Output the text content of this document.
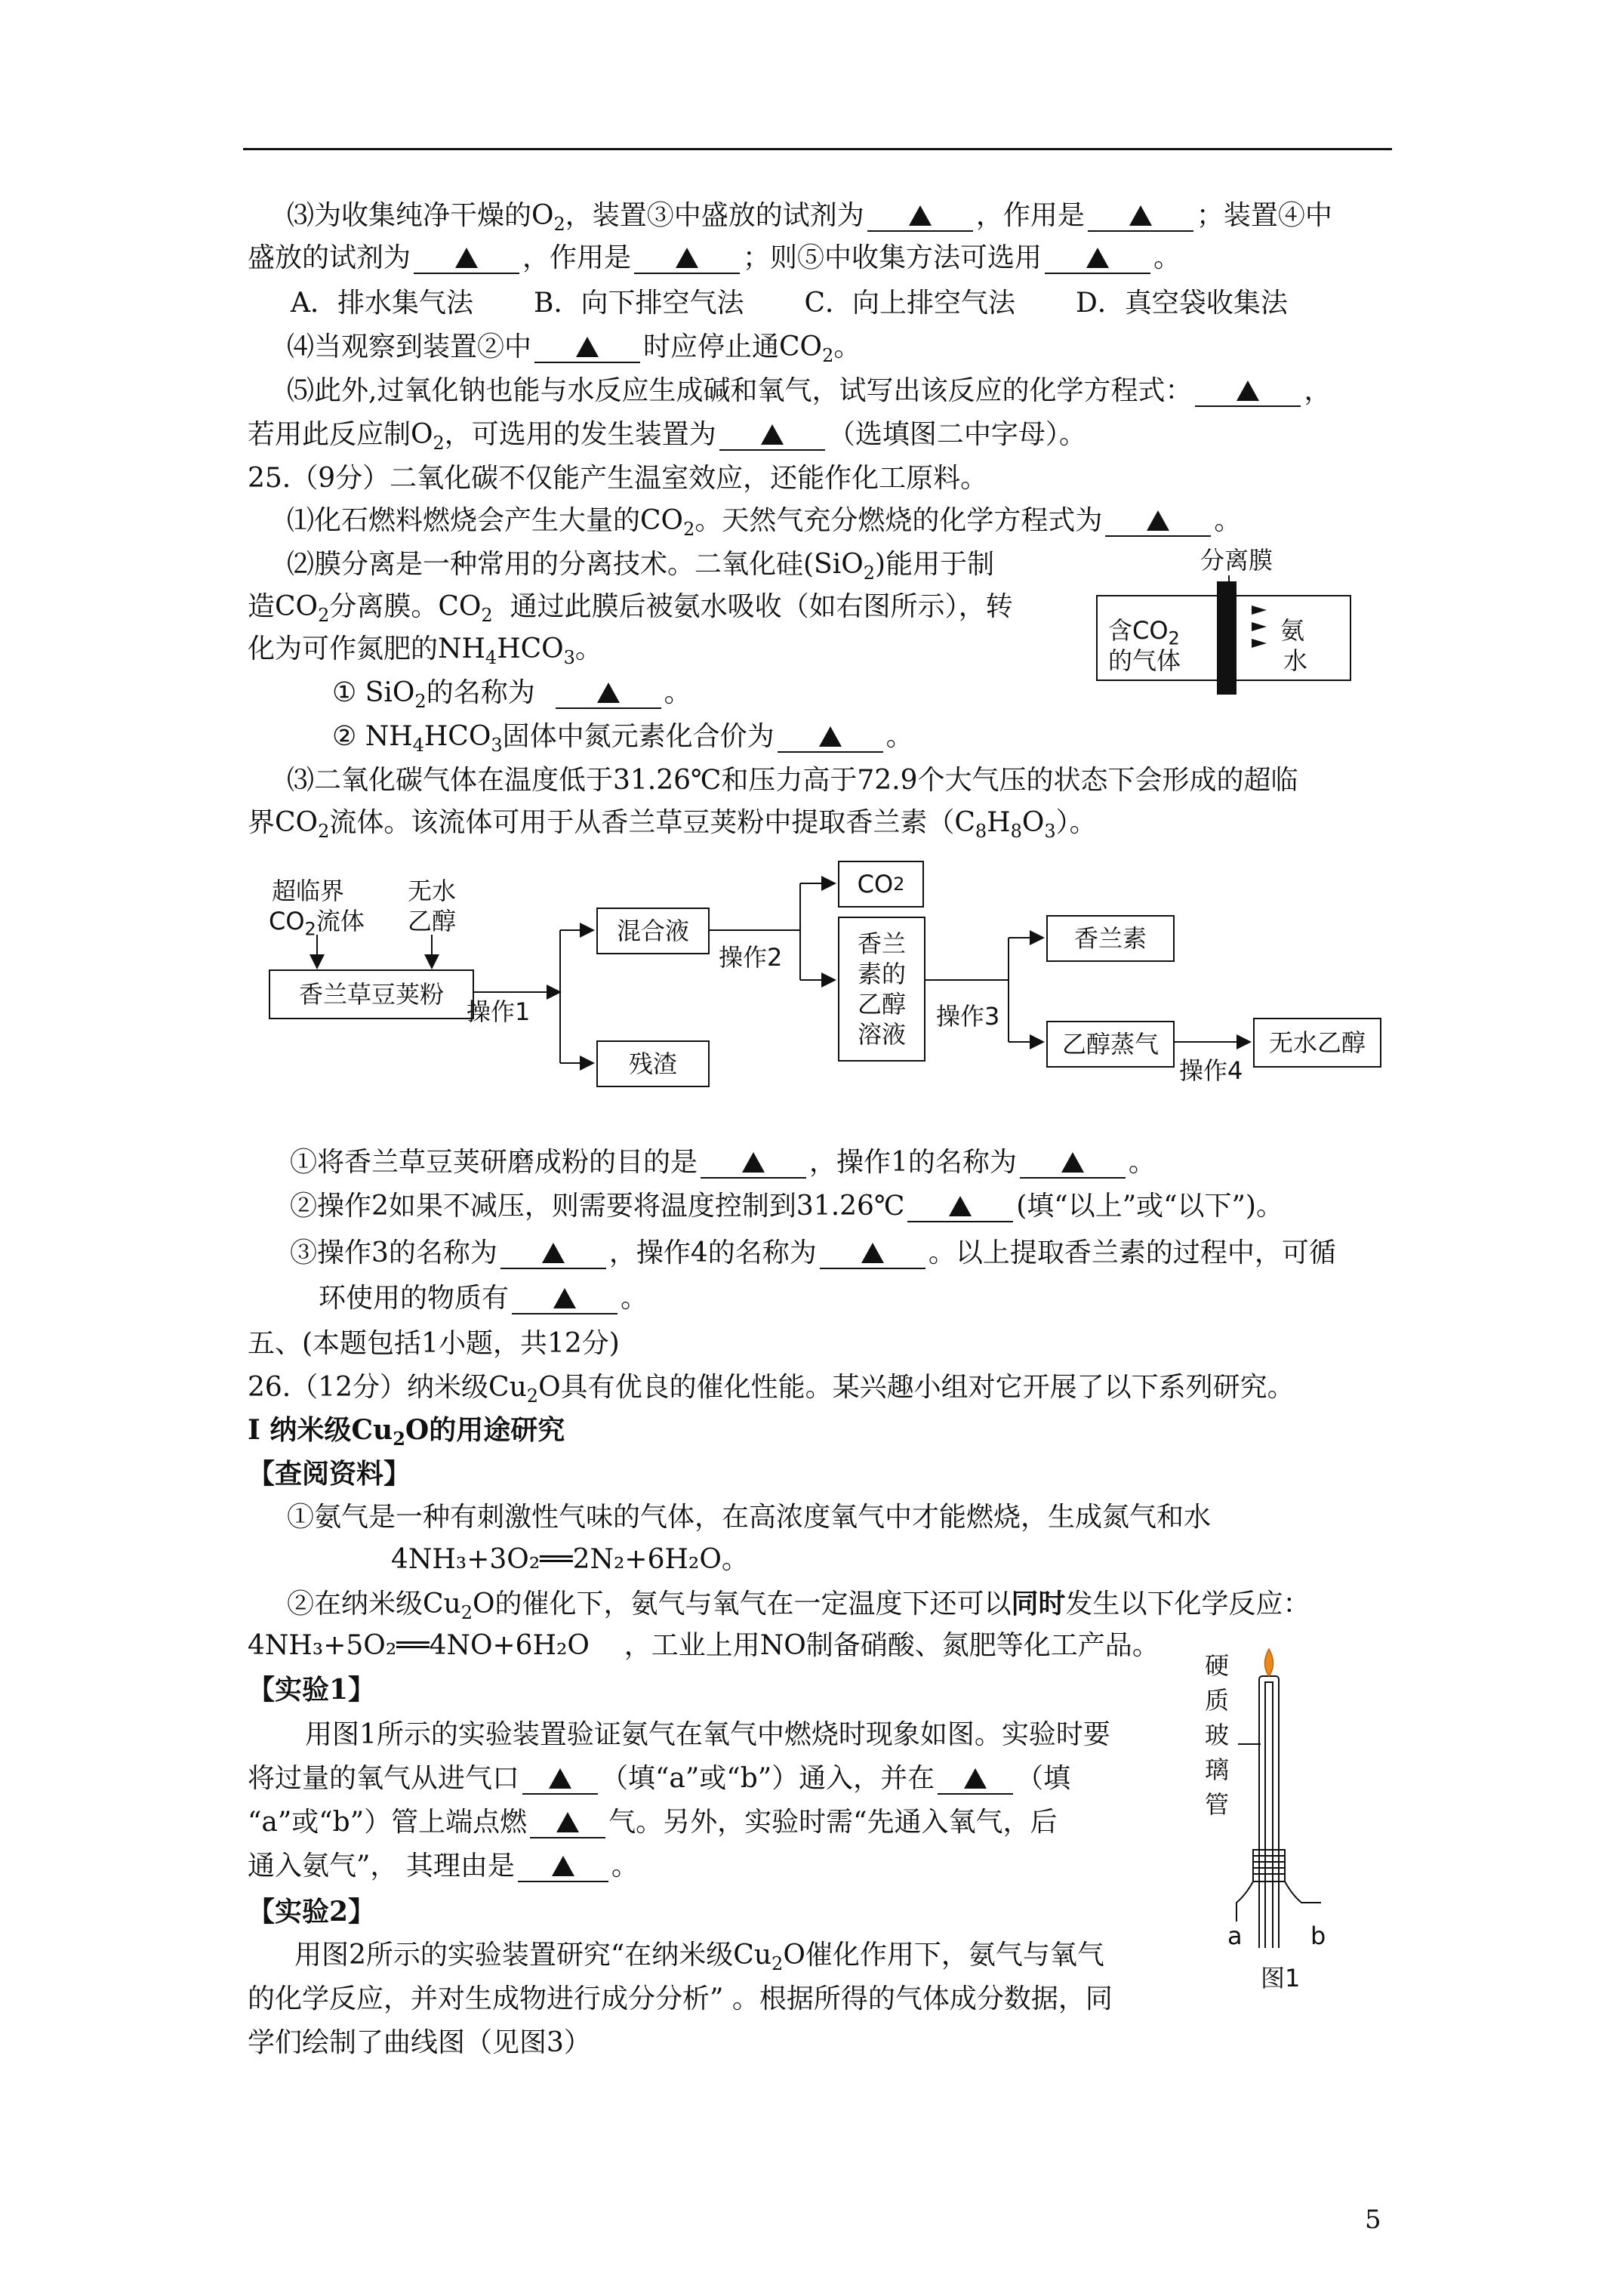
⑶为收集纯净干燥的$O_2$，装置③中盛放的试剂为	，作用是	；装置④中
盛放的试剂为	，作用是	；则⑤中收集方法可选用	。
A．排水集气法 B．向下排空气法 C．向上排空气法 D．真空袋收集法
⑷当观察到装置②中	时应停止通$CO_2$。
⑸此外,过氧化钠也能与水反应生成碱和氧气，试写出该反应的化学方程式：	，
若用此反应制$O_2$，可选用的发生装置为	（选填图二中字母）。
25.（9分）二氧化碳不仅能产生温室效应，还能作化工原料。
⑴化石燃料燃烧会产生大量的$CO_2$。天然气充分燃烧的化学方程式为	。
⑵膜分离是一种常用的分离技术。二氧化硅(SiO$_2$)能用于制
造$CO_2$分离膜。$CO_2$ 通过此膜后被氨水吸收（如右图所示），转
化为可作氮肥的$NH_4HCO_3$。
① SiO$_2$的名称为	。
② $NH_4HCO_3$固体中氮元素化合价为	。
⑶二氧化碳气体在温度低于31.26℃和压力高于72.9个大气压的状态下会形成的超临
界$CO_2$流体。该流体可用于从香兰草豆荚粉中提取香兰素$(C_8H_8O_3)$。
分离膜
含$CO_2$
的气体
氨
水
超临界
$CO_2$流体
无水
乙醇
香兰草豆荚粉
操作1
混合液
残渣
操作2
CO 2
香兰素的乙醇溶液
操作3
香兰素
乙醇蒸气
操作4
无水乙醇
①将香兰草豆荚研磨成粉的目的是	，操作1的名称为	。
②操作2如果不减压，则需要将温度控制到31.26℃	(填“以上”或“以下”)。
③操作3的名称为	，操作4的名称为	。以上提取香兰素的过程中，可循
环使用的物质有	。
五、(本题包括1小题，共12分)
26.（12分）纳米级$Cu_2O$具有优良的催化性能。某兴趣小组对它开展了以下系列研究。
Ⅰ 纳米级$Cu_2O$的用途研究
【查阅资料】
①氨气是一种有刺激性气味的气体，在高浓度氧气中才能燃烧，生成氮气和水
4NH₃+3O₂══2N₂+6H₂O。
②在纳米级$Cu_2O$的催化下，氨气与氧气在一定温度下还可以同时发生以下化学反应：
4NH₃+5O₂══4NO+6H₂O ，工业上用NO制备硝酸、氮肥等化工产品。
【实验1】
用图1所示的实验装置验证氨气在氧气中燃烧时现象如图。实验时要
将过量的氧气从进气口	（填“a”或“b”）通入，并在	（填
“a”或“b”）管上端点燃	气。另外，实验时需“先通入氧气，后
通入氨气”， 其理由是	。
【实验2】
用图2所示的实验装置研究“在纳米级$Cu_2O$催化作用下，氨气与氧气
的化学反应，并对生成物进行成分分析” 。根据所得的气体成分数据，同
学们绘制了曲线图（见图3）
硬
质
玻
璃
管
a	b
图1
5
